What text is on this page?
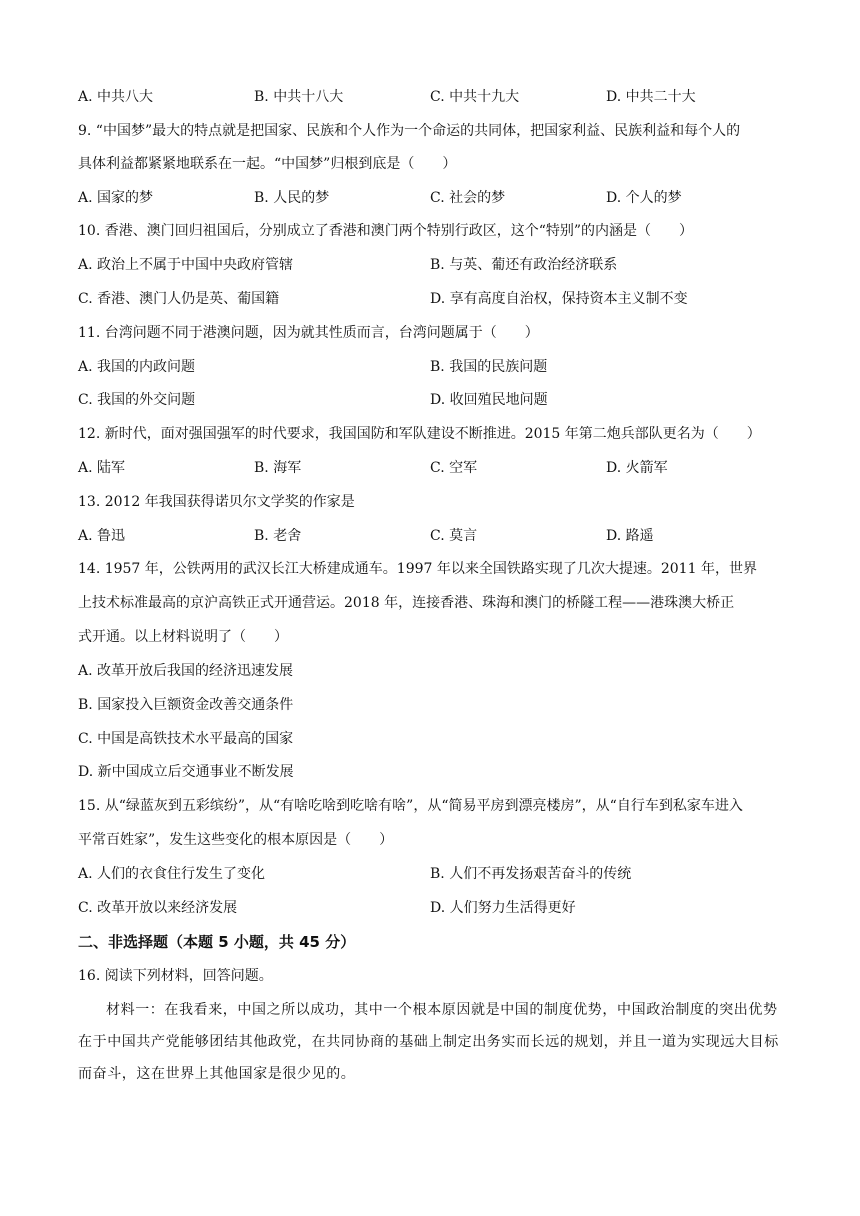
A. 中共八大	B. 中共十八大	C. 中共十九大	D. 中共二十大
9. “中国梦”最大的特点就是把国家、民族和个人作为一个命运的共同体，把国家利益、民族利益和每个人的
具体利益都紧紧地联系在一起。“中国梦”归根到底是（　　）
A. 国家的梦	B. 人民的梦	C. 社会的梦	D. 个人的梦
10. 香港、澳门回归祖国后，分别成立了香港和澳门两个特别行政区，这个“特别”的内涵是（　　）
A. 政治上不属于中国中央政府管辖	B. 与英、葡还有政治经济联系
C. 香港、澳门人仍是英、葡国籍	D. 享有高度自治权，保持资本主义制不变
11. 台湾问题不同于港澳问题，因为就其性质而言，台湾问题属于（　　）
A. 我国的内政问题	B. 我国的民族问题
C. 我国的外交问题	D. 收回殖民地问题
12. 新时代，面对强国强军的时代要求，我国国防和军队建设不断推进。2015 年第二炮兵部队更名为（　　）
A. 陆军	B. 海军	C. 空军	D. 火箭军
13. 2012 年我国获得诺贝尔文学奖的作家是
A. 鲁迅	B. 老舍	C. 莫言	D. 路遥
14. 1957 年，公铁两用的武汉长江大桥建成通车。1997 年以来全国铁路实现了几次大提速。2011 年，世界
上技术标准最高的京沪高铁正式开通营运。2018 年，连接香港、珠海和澳门的桥隧工程——港珠澳大桥正
式开通。以上材料说明了（　　）
A. 改革开放后我国的经济迅速发展
B. 国家投入巨额资金改善交通条件
C. 中国是高铁技术水平最高的国家
D. 新中国成立后交通事业不断发展
15. 从“绿蓝灰到五彩缤纷”，从“有啥吃啥到吃啥有啥”，从“简易平房到漂亮楼房”，从“自行车到私家车进入
平常百姓家”，发生这些变化的根本原因是（　　）
A. 人们的衣食住行发生了变化	B. 人们不再发扬艰苦奋斗的传统
C. 改革开放以来经济发展	D. 人们努力生活得更好
二、非选择题（本题 5 小题，共 45 分）
16. 阅读下列材料，回答问题。
材料一：在我看来，中国之所以成功，其中一个根本原因就是中国的制度优势，中国政治制度的突出优势在于中国共产党能够团结其他政党，在共同协商的基础上制定出务实而长远的规划，并且一道为实现远大目标而奋斗，这在世界上其他国家是很少见的。
